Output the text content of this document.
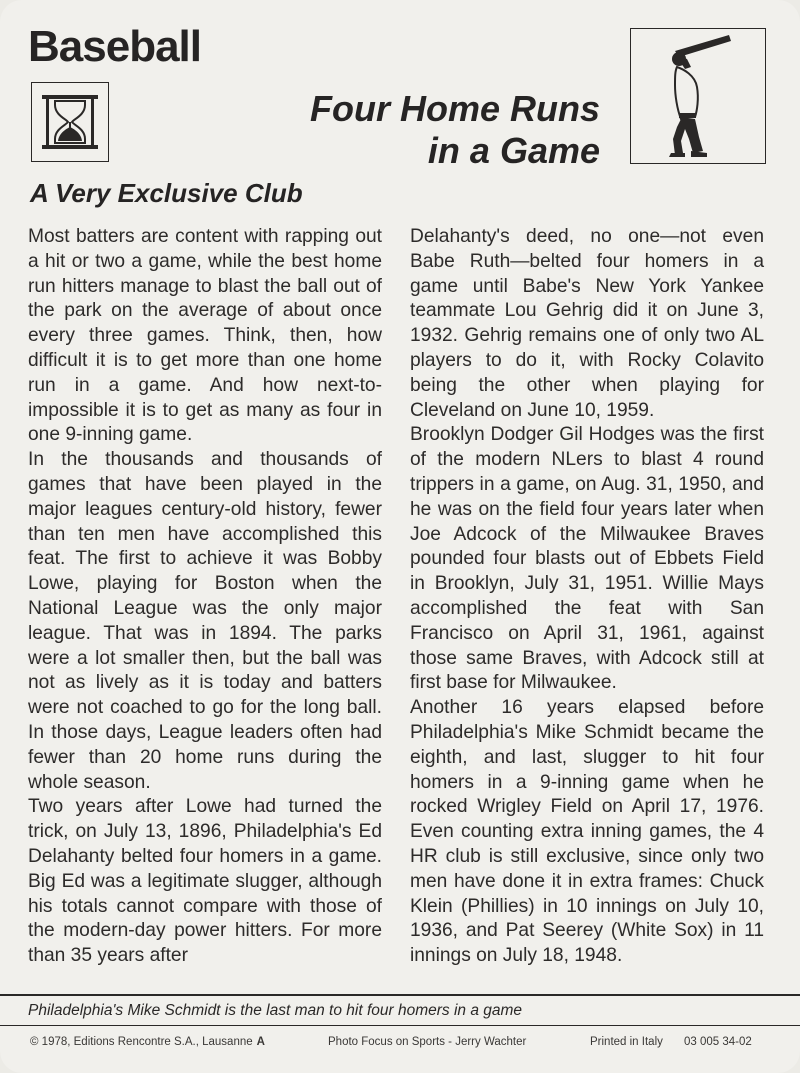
Baseball
Four Home Runs
in a Game
A Very Exclusive Club

Most batters are content with rapping out a hit or two a game, while the best home run hitters manage to blast the ball out of the park on the average of about once every three games. Think, then, how difficult it is to get more than one home run in a game. And how next-to-impossible it is to get as many as four in one 9-inning game.

In the thousands and thousands of games that have been played in the major leagues century-old history, fewer than ten men have accomplished this feat. The first to achieve it was Bobby Lowe, playing for Boston when the National League was the only major league. That was in 1894. The parks were a lot smaller then, but the ball was not as lively as it is today and batters were not coached to go for the long ball. In those days, League leaders often had fewer than 20 home runs during the whole season.

Two years after Lowe had turned the trick, on July 13, 1896, Philadelphia's Ed Delahanty belted four homers in a game. Big Ed was a legitimate slugger, although his totals cannot compare with those of the modern-day power hitters. For more than 35 years after

Delahanty's deed, no one—not even Babe Ruth—belted four homers in a game until Babe's New York Yankee teammate Lou Gehrig did it on June 3, 1932. Gehrig remains one of only two AL players to do it, with Rocky Colavito being the other when playing for Cleveland on June 10, 1959.

Brooklyn Dodger Gil Hodges was the first of the modern NLers to blast 4 round trippers in a game, on Aug. 31, 1950, and he was on the field four years later when Joe Adcock of the Milwaukee Braves pounded four blasts out of Ebbets Field in Brooklyn, July 31, 1951. Willie Mays accomplished the feat with San Francisco on April 31, 1961, against those same Braves, with Adcock still at first base for Milwaukee.

Another 16 years elapsed before Philadelphia's Mike Schmidt became the eighth, and last, slugger to hit four homers in a 9-inning game when he rocked Wrigley Field on April 17, 1976. Even counting extra inning games, the 4 HR club is still exclusive, since only two men have done it in extra frames: Chuck Klein (Phillies) in 10 innings on July 10, 1936, and Pat Seerey (White Sox) in 11 innings on July 18, 1948.

Philadelphia's Mike Schmidt is the last man to hit four homers in a game
© 1978, Editions Rencontre S.A., Lausanne A	Photo Focus on Sports - Jerry Wachter	Printed in Italy 03 005 34-02
